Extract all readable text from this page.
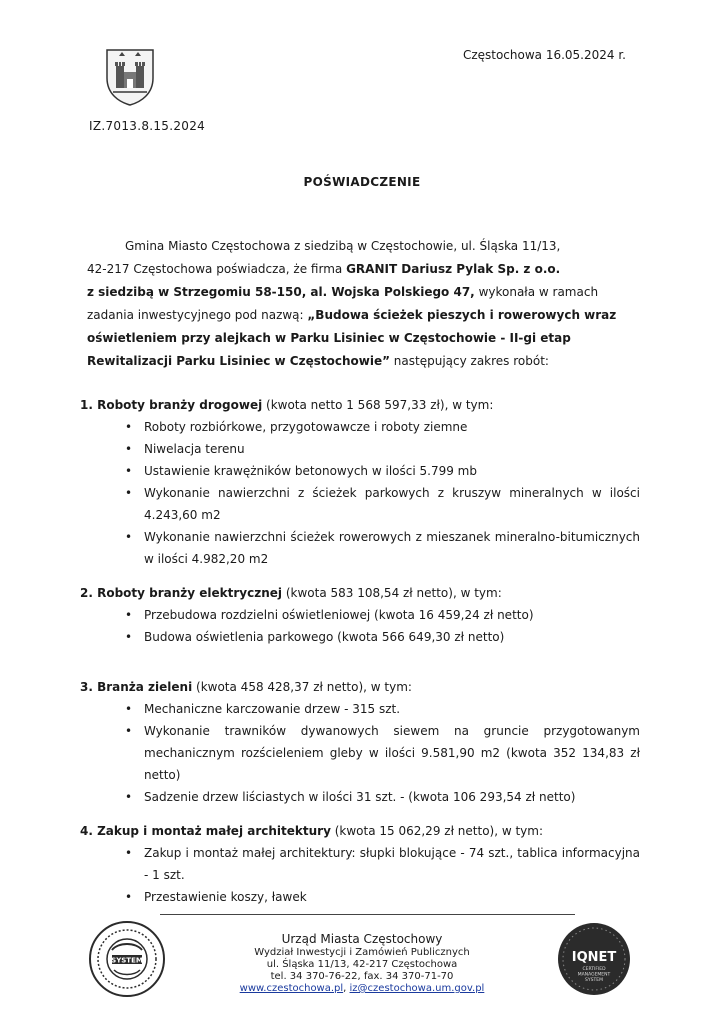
IZ.7013.8.15.2024
Częstochowa 16.05.2024 r.
POŚWIADCZENIE

Gmina Miasto Częstochowa z siedzibą w Częstochowie, ul. Śląska 11/13,

42-217 Częstochowa poświadcza, że firma GRANIT Dariusz Pylak Sp. z o.o.

z siedzibą w Strzegomiu 58-150, al. Wojska Polskiego 47, wykonała w ramach

zadania inwestycyjnego pod nazwą: „Budowa ścieżek pieszych i rowerowych wraz

oświetleniem przy alejkach w Parku Lisiniec w Częstochowie - II-gi etap

Rewitalizacji Parku Lisiniec w Częstochowie” następujący zakres robót:

1. Roboty branży drogowej (kwota netto 1 568 597,33 zł), w tym:
• Roboty rozbiórkowe, przygotowawcze i roboty ziemne
• Niwelacja terenu
• Ustawienie krawężników betonowych w ilości 5.799 mb
• Wykonanie nawierzchni z ścieżek parkowych z kruszyw mineralnych w ilości 4.243,60 m2
• Wykonanie nawierzchni ścieżek rowerowych z mieszanek mineralno-bitumicznych w ilości 4.982,20 m2
2. Roboty branży elektrycznej (kwota 583 108,54 zł netto), w tym:
• Przebudowa rozdzielni oświetleniowej (kwota 16 459,24 zł netto)
• Budowa oświetlenia parkowego (kwota 566 649,30 zł netto)
3. Branża zieleni (kwota 458 428,37 zł netto), w tym:
• Mechaniczne karczowanie drzew - 315 szt.
• Wykonanie trawników dywanowych siewem na gruncie przygotowanym mechanicznym rozścieleniem gleby w ilości 9.581,90 m2 (kwota 352 134,83 zł netto)
• Sadzenie drzew liściastych w ilości 31 szt. - (kwota 106 293,54 zł netto)
4. Zakup i montaż małej architektury (kwota 15 062,29 zł netto), w tym:
• Zakup i montaż małej architektury: słupki blokujące - 74 szt., tablica informacyjna - 1 szt.
• Przestawienie koszy, ławek
SYSTEM
Urząd Miasta Częstochowy
Wydział Inwestycji i Zamówień Publicznych
ul. Śląska 11/13, 42-217 Częstochowa
tel. 34 370-76-22, fax. 34 370-71-70
www.czestochowa.pl, iz@czestochowa.um.gov.pl
IQNET
CERTIFIED
MANAGEMENT
SYSTEM
